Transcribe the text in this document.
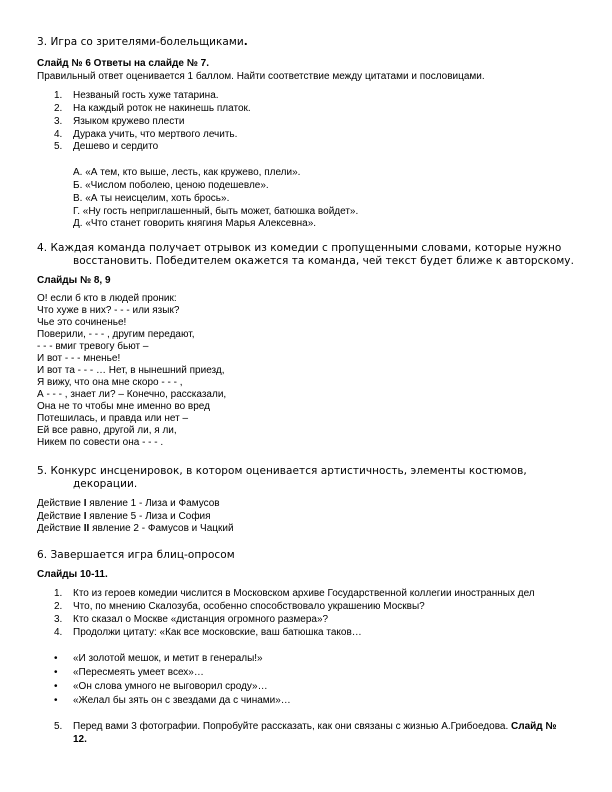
3. Игра со зрителями-болельщиками.
Слайд № 6 Ответы на слайде № 7.
Правильный ответ оценивается 1 баллом. Найти соответствие между цитатами и пословицами.
1. Незваный гость хуже татарина.
2. На каждый роток не накинешь платок.
3. Языком кружево плести
4. Дурака учить, что мертвого лечить.
5. Дешево и сердито
А. «А тем, кто выше, лесть, как кружево, плели».
Б. «Числом поболею, ценою подешевле».
В. «А ты неисцелим, хоть брось».
Г. «Ну гость неприглашенный, быть может, батюшка войдет».
Д. «Что станет говорить княгиня Марья Алексевна».
4. Каждая команда получает отрывок из комедии с пропущенными словами, которые нужно
восстановить. Победителем окажется та команда, чей текст будет ближе к авторскому.
Слайды № 8, 9
О! если б кто в людей проник:
Что хуже в них? - - - или язык?
Чье это сочиненье!
Поверили, - - - , другим передают,
- - - вмиг тревогу бьют –
И вот - - - мненье!
И вот та - - - … Нет, в нынешний приезд,
Я вижу, что она мне скоро - - - ,
А - - - , знает ли? – Конечно, рассказали,
Она не то чтобы мне именно во вред
Потешилась, и правда или нет –
Ей все равно, другой ли, я ли,
Никем по совести она - - - .
5. Конкурс инсценировок, в котором оценивается артистичность, элементы костюмов,
декорации.
Действие I явление 1 - Лиза и Фамусов
Действие I явление 5 - Лиза и София
Действие II явление 2 - Фамусов и Чацкий
6. Завершается игра блиц-опросом
Слайды 10-11.
1. Кто из героев комедии числится в Московском архиве Государственной коллегии иностранных дел
2. Что, по мнению Скалозуба, особенно способствовало украшению Москвы?
3. Кто сказал о Москве «дистанция огромного размера»?
4. Продолжи цитату: «Как все московские, ваш батюшка таков…
• «И золотой мешок, и метит в генералы!»
• «Пересмеять умеет всех»…
• «Он слова умного не выговорил сроду»…
• «Желал бы зять он с звездами да с чинами»…
5. Перед вами 3 фотографии. Попробуйте рассказать, как они связаны с жизнью А.Грибоедова. Слайд №
12.
